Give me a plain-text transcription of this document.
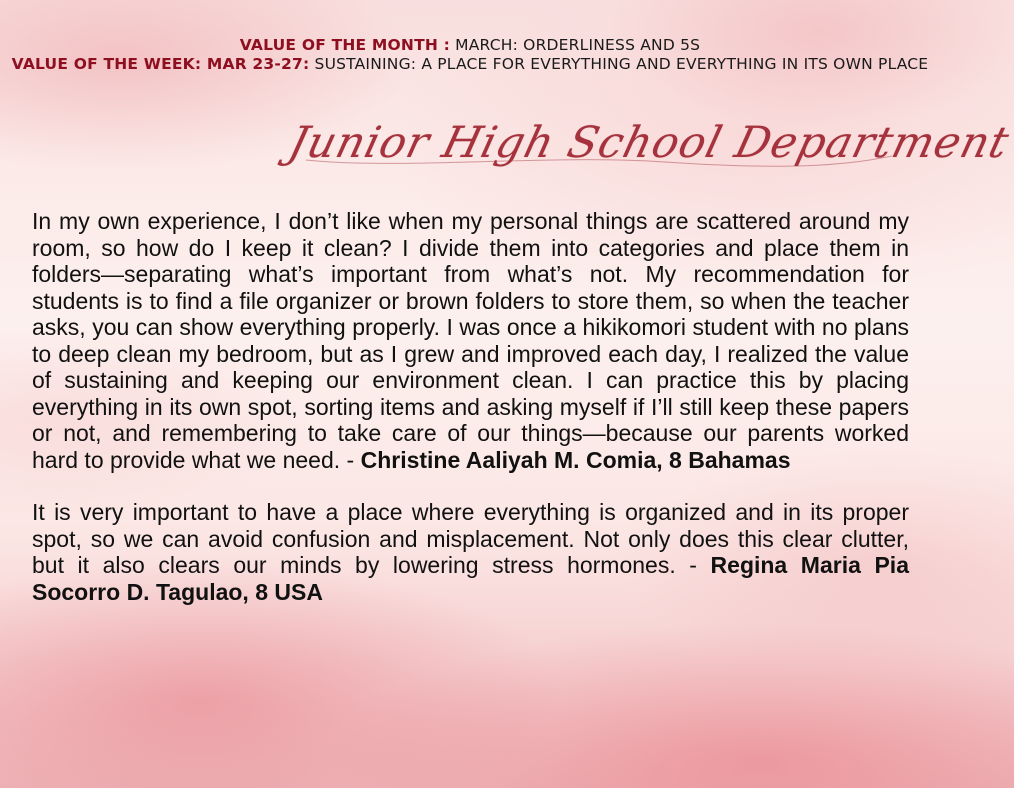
VALUE OF THE MONTH : MARCH: ORDERLINESS AND 5S
VALUE OF THE WEEK: MAR 23-27: SUSTAINING: A PLACE FOR EVERYTHING AND EVERYTHING IN ITS OWN PLACE
Junior High School Department

In my own experience, I don’t like when my personal things are scattered around my room, so how do I keep it clean? I divide them into categories and place them in folders—separating what’s important from what’s not. My recommendation for students is to find a file organizer or brown folders to store them, so when the teacher asks, you can show everything properly. I was once a hikikomori student with no plans to deep clean my bedroom, but as I grew and improved each day, I realized the value of sustaining and keeping our environment clean. I can practice this by placing everything in its own spot, sorting items and asking myself if I’ll still keep these papers or not, and remembering to take care of our things—because our parents worked hard to provide what we need. - Christine Aaliyah M. Comia, 8 Bahamas

It is very important to have a place where everything is organized and in its proper spot, so we can avoid confusion and misplacement. Not only does this clear clutter, but it also clears our minds by lowering stress hormones. - Regina Maria Pia Socorro D. Tagulao, 8 USA
